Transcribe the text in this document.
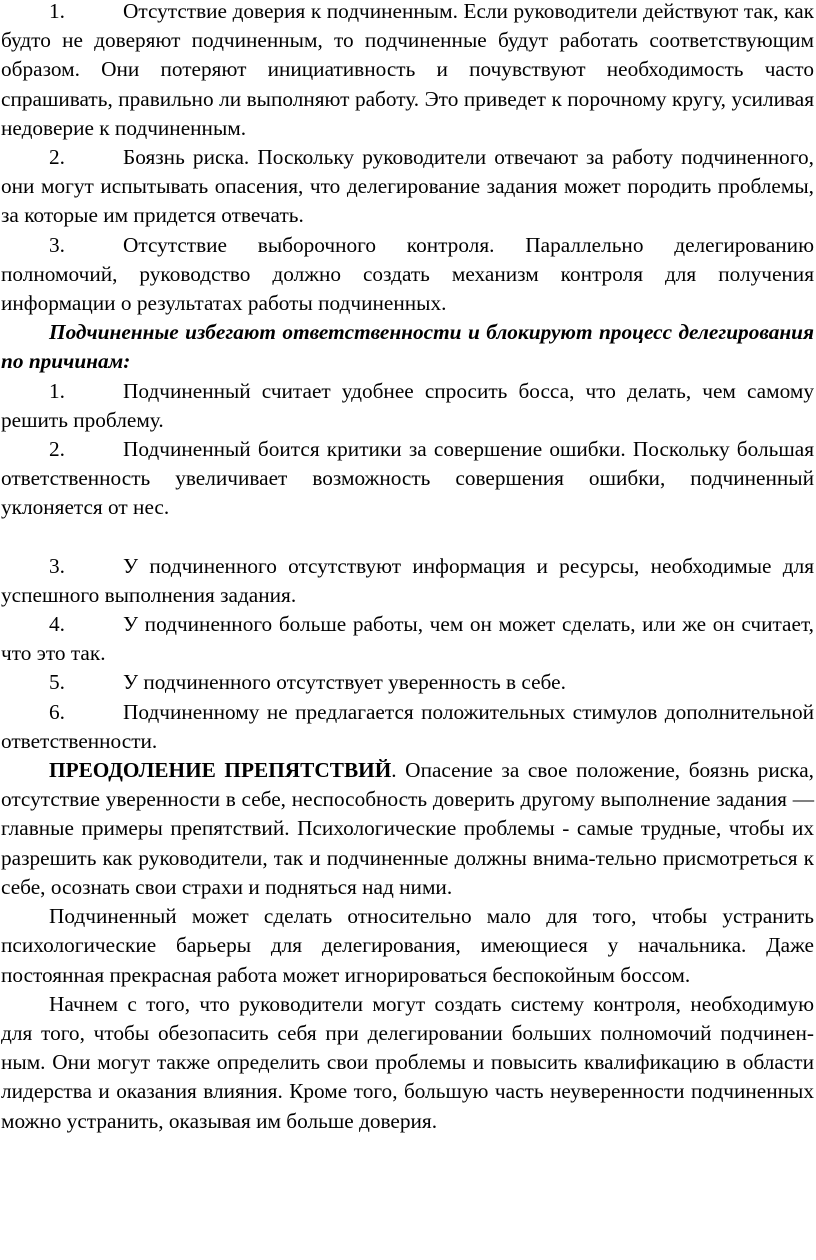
1.	Отсутствие доверия к подчиненным. Если руководители действуют так, как будто не доверяют подчиненным, то подчиненные будут работать соответствующим образом. Они потеряют инициативность и почувствуют необходимость часто спрашивать, правильно ли выполняют работу. Это приведет к порочному кругу, усиливая недоверие к подчиненным.

2.	Боязнь риска. Поскольку руководители отвечают за работу подчиненного, они могут испытывать опасения, что делегирование задания может породить проблемы, за которые им придется отвечать.

3.	Отсутствие выборочного контроля. Параллельно делегированию полномочий, руководство должно создать механизм контроля для получения информации о результатах работы подчиненных.

Подчиненные избегают ответственности и блокируют процесс делегирования по причинам:

1.	Подчиненный считает удобнее спросить босса, что делать, чем самому решить проблему.

2.	Подчиненный боится критики за совершение ошибки. Поскольку большая ответственность увеличивает возможность совершения ошибки, подчиненный уклоняется от нес.

3.	У подчиненного отсутствуют информация и ресурсы, необходимые для успешного выполнения задания.

4.	У подчиненного больше работы, чем он может сделать, или же он считает, что это так.

5.	У подчиненного отсутствует уверенность в себе.

6.	Подчиненному не предлагается положительных стимулов дополнительной ответственности.

ПРЕОДОЛЕНИЕ ПРЕПЯТСТВИЙ. Опасение за свое положение, боязнь риска, отсутствие уверенности в себе, неспособность доверить другому выполнение задания —главные примеры препятствий. Психологические проблемы - самые трудные, чтобы их разрешить как руководители, так и подчиненные должны внима-тельно присмотреться к себе, осознать свои страхи и подняться над ними.

Подчиненный может сделать относительно мало для того, чтобы устранить психологические барьеры для делегирования, имеющиеся у начальника. Даже постоянная прекрасная работа может игнорироваться беспокойным боссом.

Начнем с того, что руководители могут создать систему контроля, необходимую для того, чтобы обезопасить себя при делегировании больших полномочий подчинен-ным. Они могут также определить свои проблемы и повысить квалификацию в области лидерства и оказания влияния. Кроме того, большую часть неуверенности подчиненных можно устранить, оказывая им больше доверия.
